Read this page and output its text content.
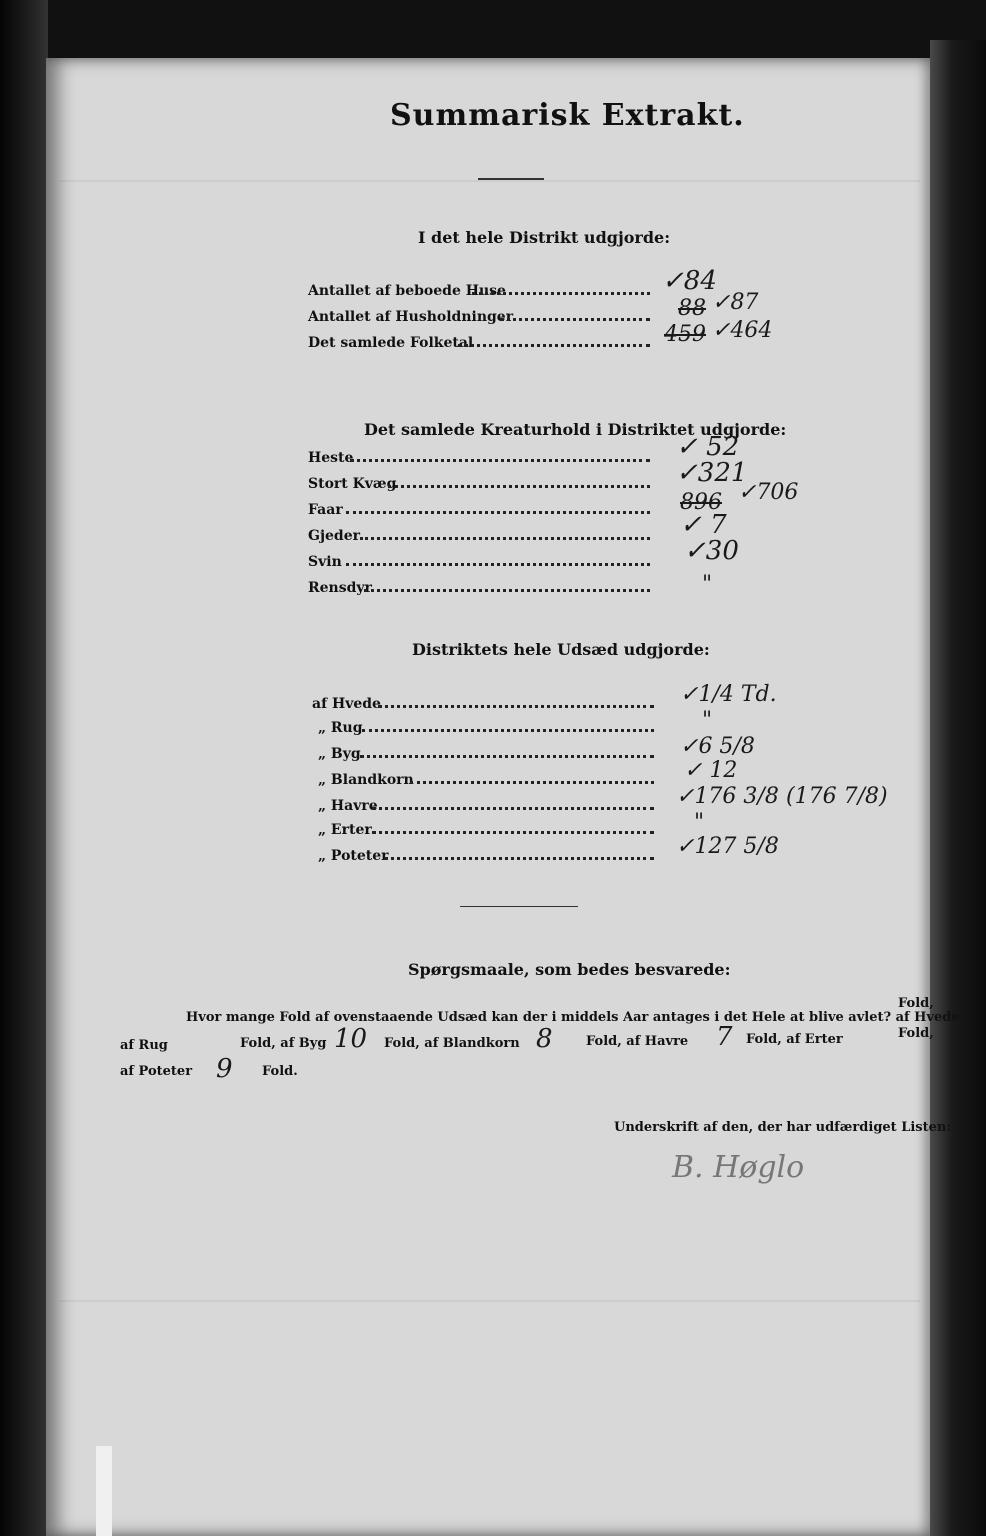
Summarisk Extrakt.
I det hele Distrikt udgjorde:
Antallet af beboede Huse	✓84
Antallet af Husholdninger	88 ✓87
Det samlede Folketal	459 ✓464
Det samlede Kreaturhold i Distriktet udgjorde:
Heste	✓ 52
Stort Kvæg	✓321
Faar	896 ✓706
Gjeder	✓ 7
Svin	✓30
Rensdyr	"
Distriktets hele Udsæd udgjorde:
af Hvede	✓1/4 Td.
„ Rug	"
„ Byg	✓6 5/8
„ Blandkorn	✓ 12
„ Havre	✓176 3/8 (176 7/8)
„ Erter	"
„ Poteter	✓127 5/8
Spørgsmaale, som bedes besvarede:
Hvor mange Fold af ovenstaaende Udsæd kan der i middels Aar antages i det Hele at blive avlet? af Hvede
Fold,
af Rug	Fold, af Byg 10 Fold, af Blandkorn 8	Fold, af Havre 7 Fold, af Erter	Fold,
af Poteter 9 Fold.
Underskrift af den, der har udfærdiget Listen:
B. Høglo
